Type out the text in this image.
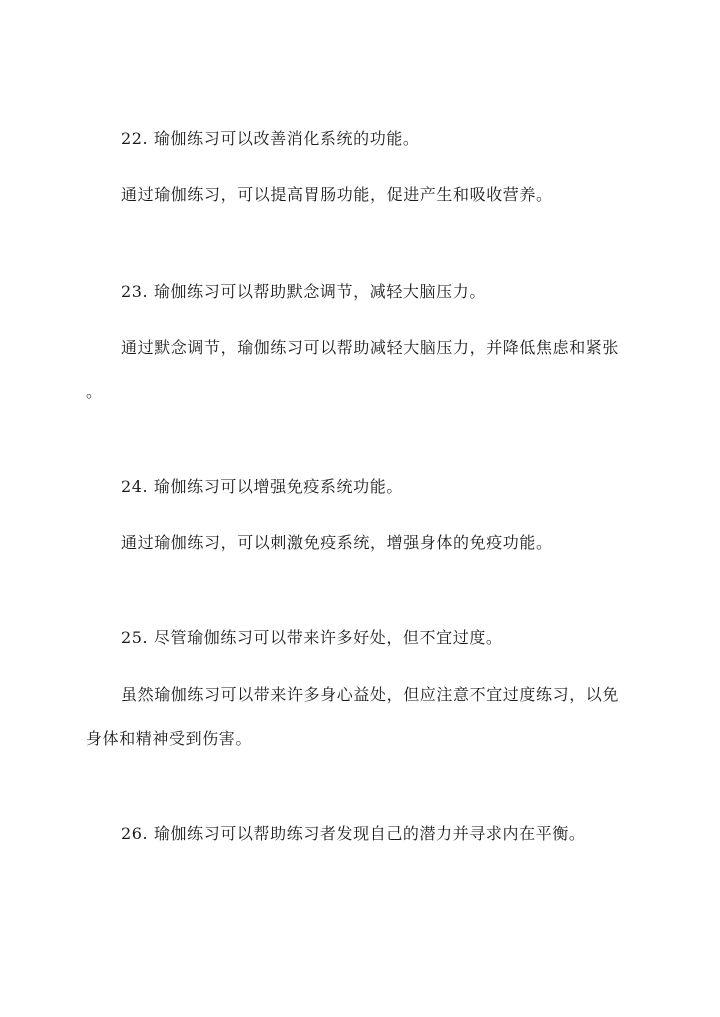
22. 瑜伽练习可以改善消化系统的功能。
通过瑜伽练习，可以提高胃肠功能，促进产生和吸收营养。
23. 瑜伽练习可以帮助默念调节，减轻大脑压力。
通过默念调节，瑜伽练习可以帮助减轻大脑压力，并降低焦虑和紧张
。
24. 瑜伽练习可以增强免疫系统功能。
通过瑜伽练习，可以刺激免疫系统，增强身体的免疫功能。
25. 尽管瑜伽练习可以带来许多好处，但不宜过度。
虽然瑜伽练习可以带来许多身心益处，但应注意不宜过度练习，以免
身体和精神受到伤害。
26. 瑜伽练习可以帮助练习者发现自己的潜力并寻求内在平衡。
